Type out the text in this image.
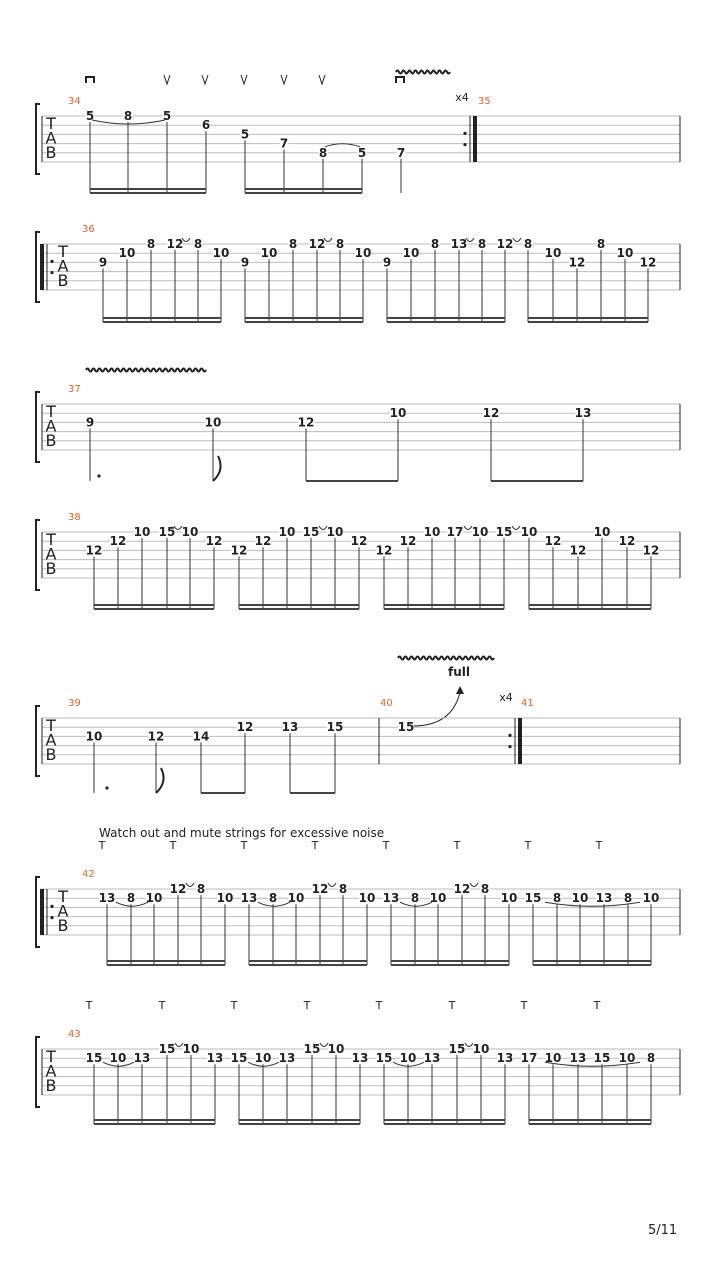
T
A
B
34	35
5 8	5
6
5
7
8	5	7
x4
T
A
B
36
9
10
8 12 8
10
9
10
8 12 8
10
9
10
8 13 8 12 8
10
12
8
10
12
T
A
B
37
9	10	12
10	12	13
T
A
B
38
12
12
10 15 10
12
12
12
10 15 10
12
12
12
10 17 10 15 10
12
12
10
12
12
full
T
A
B
39	40	41
10	12 14
12 13 15	15
x4
T	T	T	T	T	T	T	T
T
A
B
42
13 8 10
12 8
10 13 8 10
12 8
10 13 8 10
12 8
10 15 8 10 13 8 10
T	T	T	T	T	T	T	T
T
A
B
43
15 10 13
15 10
13 15 10 13
15 10
13 15 10 13
15 10
13 17 10 13 15 10 8
Watch out and mute strings for excessive noise
5/11
